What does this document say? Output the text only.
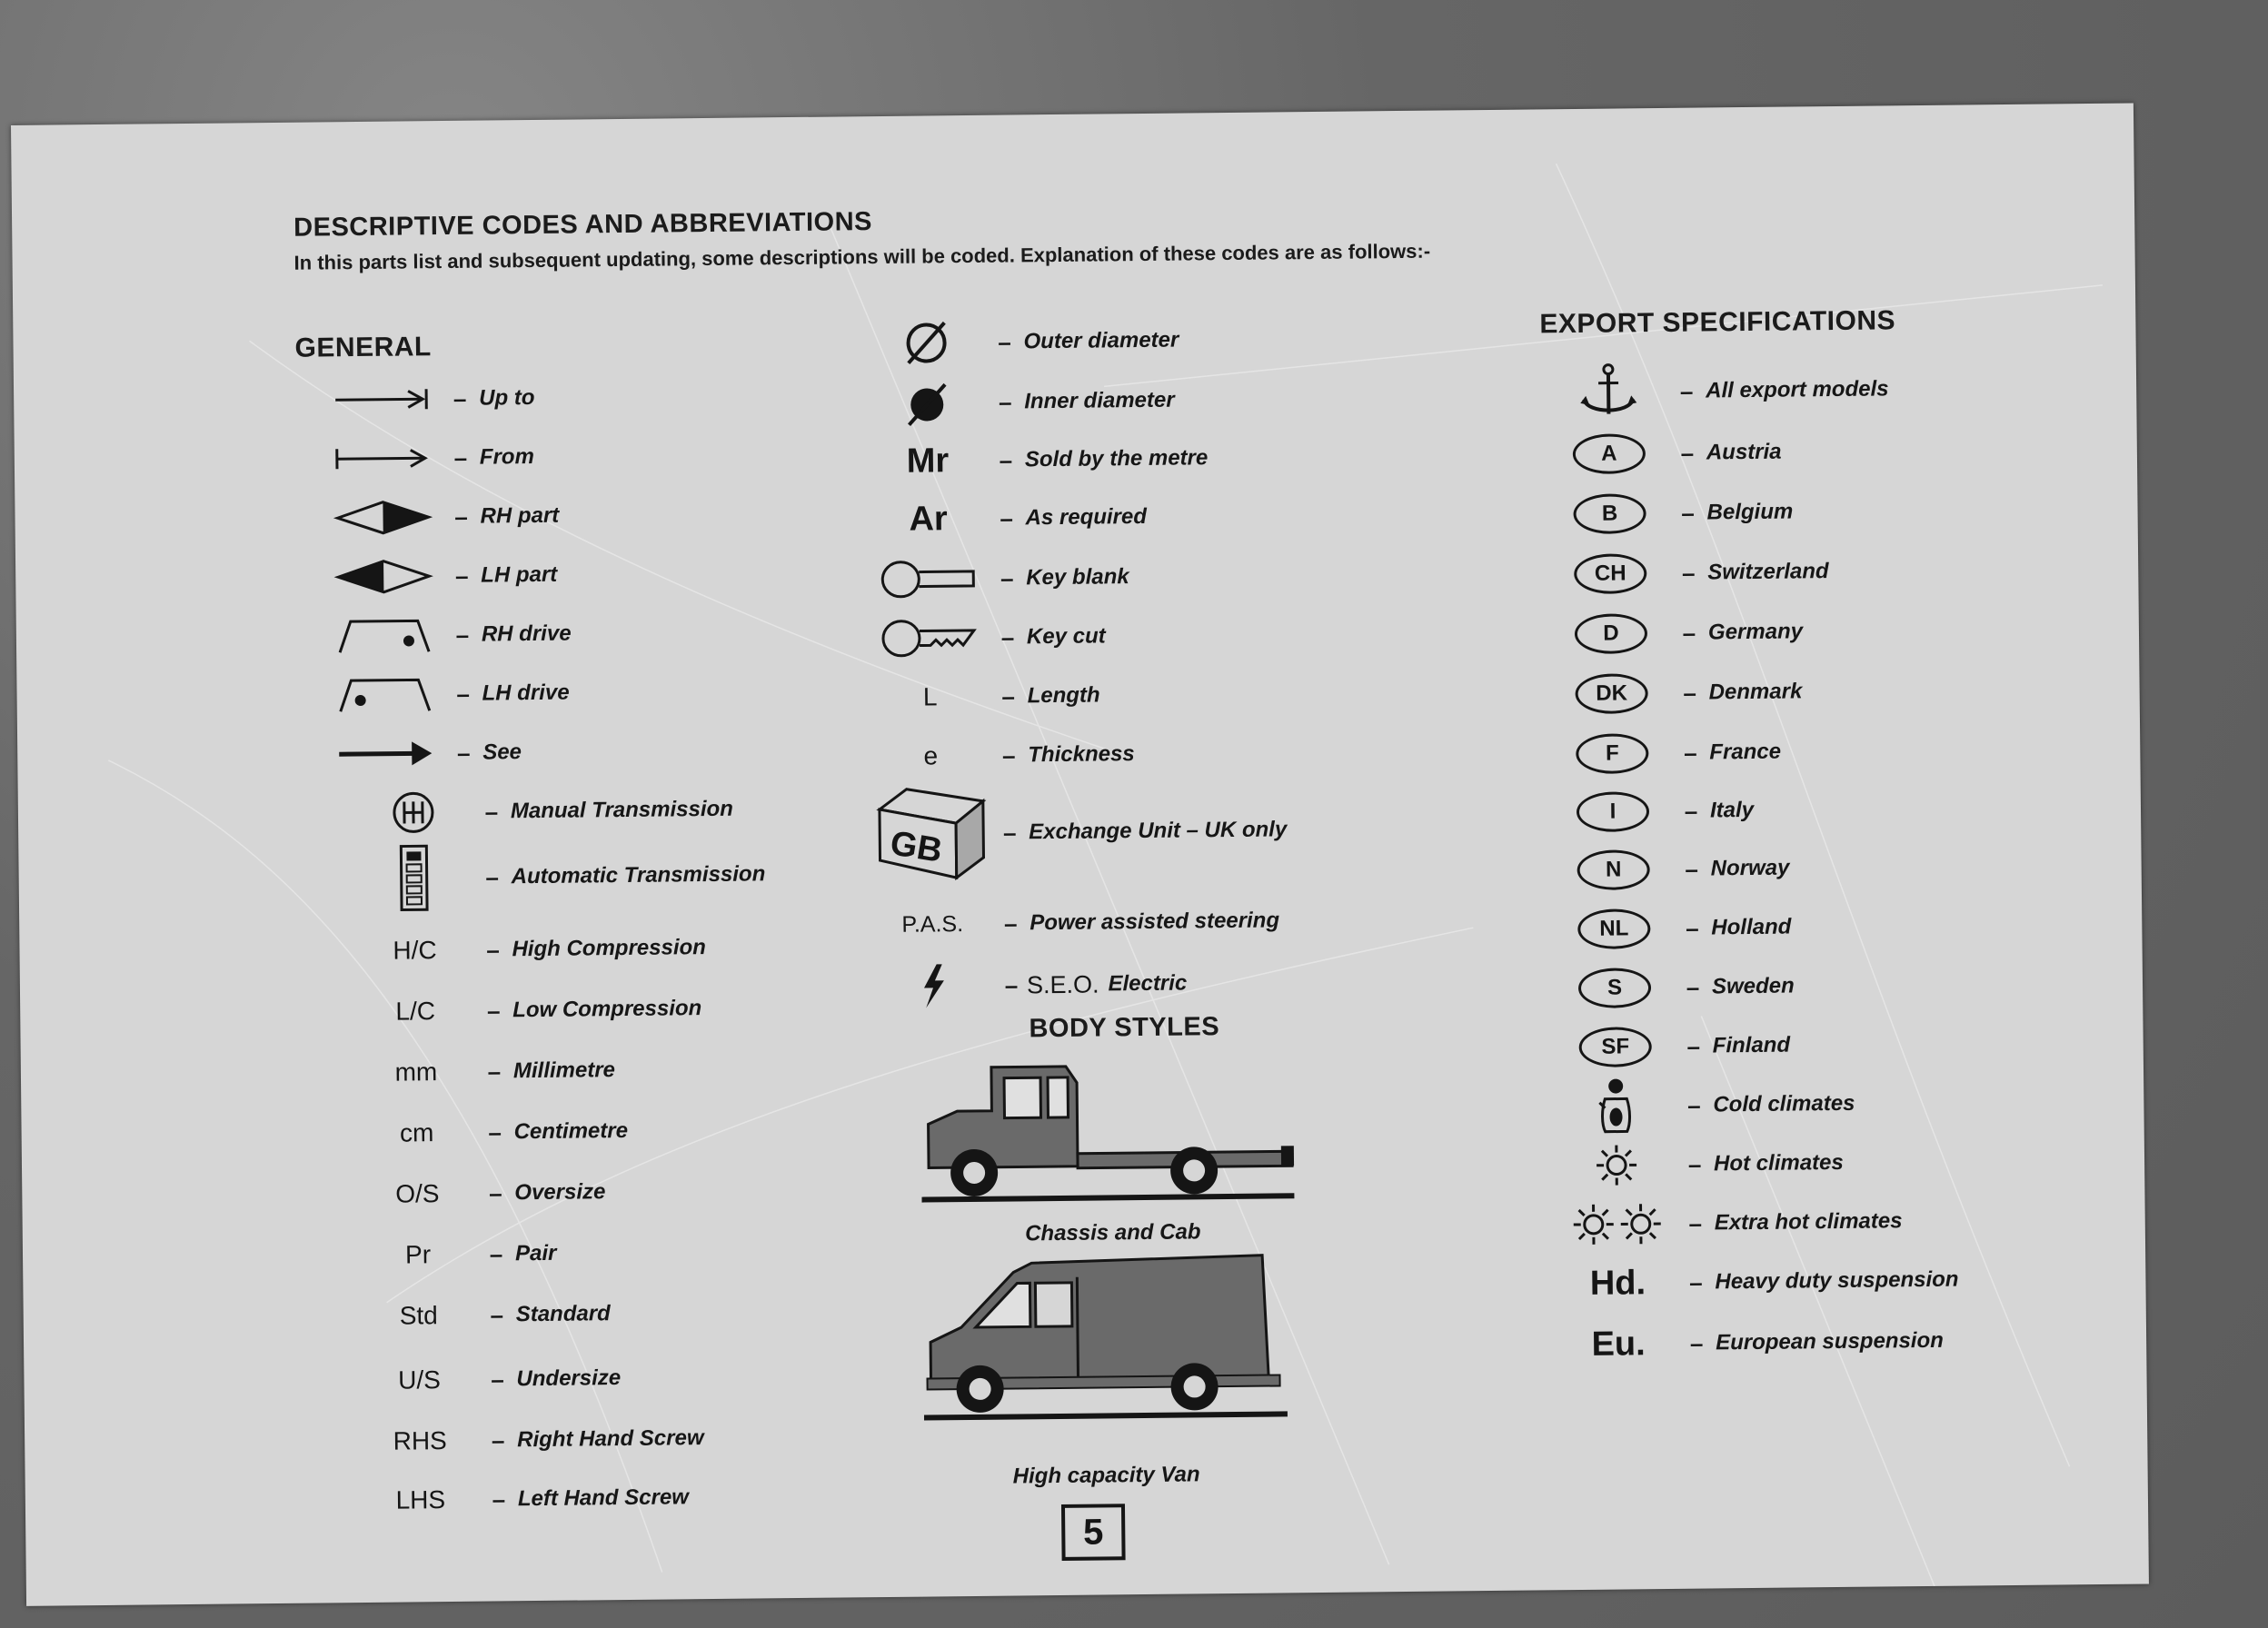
DESCRIPTIVE CODES AND ABBREVIATIONS
In this parts list and subsequent updating, some descriptions will be coded. Explanation of these codes are as follows:-
GENERAL
– Up to
– From
– RH part
– LH part
– RH drive
– LH drive
– See
– Manual Transmission
– Automatic Transmission
H/C – High Compression
L/C – Low Compression
mm – Millimetre
cm – Centimetre
O/S – Oversize
Pr – Pair
Std – Standard
U/S – Undersize
RHS – Right Hand Screw
LHS – Left Hand Screw
– Outer diameter
– Inner diameter
Mr – Sold by the metre
Ar – As required
– Key blank
– Key cut
L	– Length
e	– Thickness
GB – Exchange Unit – UK only
P.A.S. – Power assisted steering
– S.E.O. Electric
BODY STYLES
Chassis and Cab
High capacity Van
EXPORT SPECIFICATIONS
– All export models
A	– Austria
B	– Belgium
CH	– Switzerland
D	– Germany
DK	– Denmark
F	– France
I	– Italy
N	– Norway
NL	– Holland
S	– Sweden
SF	– Finland
– Cold climates
– Hot climates
– Extra hot climates
Hd. – Heavy duty suspension
Eu. – European suspension
5
